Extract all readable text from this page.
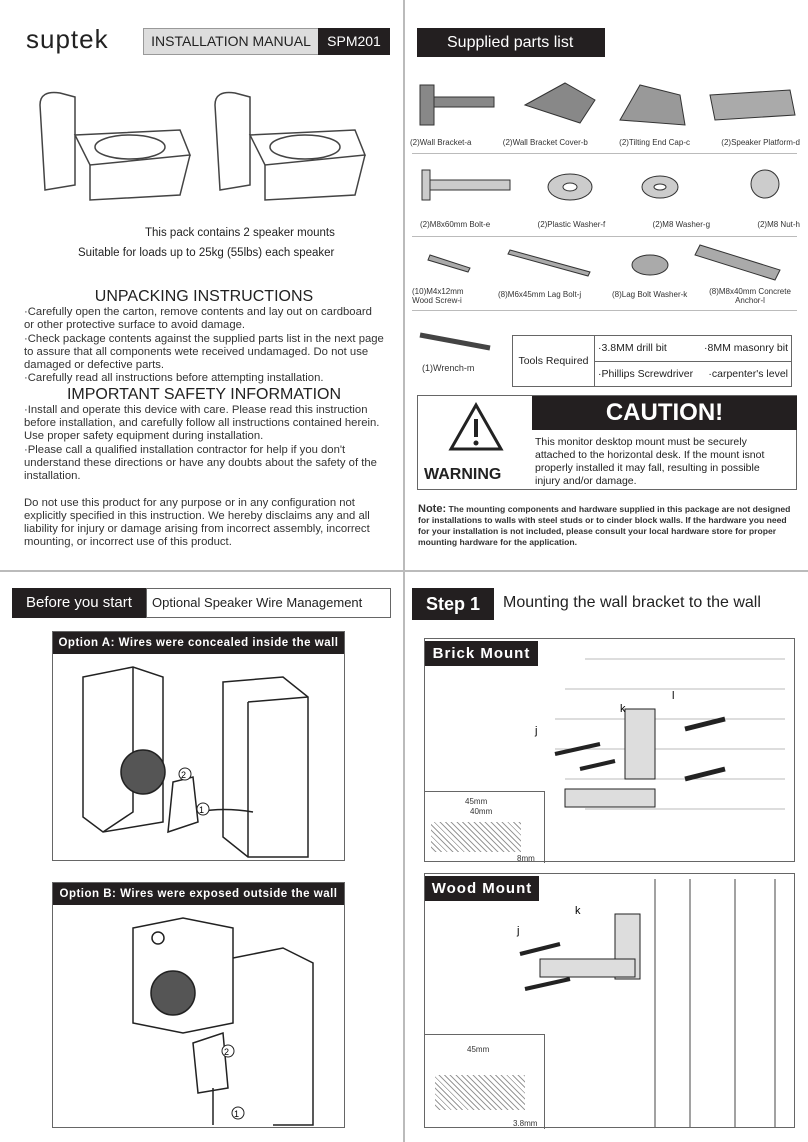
suptek	INSTALLATION MANUAL	SPM201
This pack contains 2 speaker mounts
Suitable for loads up to 25kg (55lbs) each speaker
UNPACKING INSTRUCTIONS
·Carefully open the carton, remove contents and lay out on cardboard or other protective surface to avoid damage.
·Check package contents against the supplied parts list in the next page to assure that all components wete received undamaged. Do not use damaged or defective parts.
·Carefully read all instructions before attempting installation.
IMPORTANT SAFETY INFORMATION
·Install and operate this device with care. Please read this instruction before installation, and carefully follow all instructions contained herein. Use proper safety equipment during installation.
·Please call a qualified installation contractor for help if you don't understand these directions or have any doubts about the safety of the installation.
Do not use this product for any purpose or in any configuration not explicitly specified in this instruction. We hereby disclaims any and all liability for injury or damage arising from incorrect assembly, incorrect mounting, or incorrect use of this product.
Supplied parts list
(2)Wall Bracket-a	(2)Wall Bracket Cover-b	(2)Tilting End Cap-c	(2)Speaker Platform-d
(2)M8x60mm Bolt-e	(2)Plastic Washer-f	(2)M8 Washer-g	(2)M8 Nut-h
(10)M4x12mm Wood Screw-i
(8)M6x45mm Lag Bolt-j	(8)Lag Bolt Washer-k	(8)M8x40mm Concrete Anchor-l
(1)Wrench-m
Tools Required
·3.8MM drill bit	·8MM masonry bit
·Phillips Screwdriver ·carpenter's level
WARNING
CAUTION!
This monitor desktop mount must be securely attached to the horizontal desk. If the mount isnot properly installed it may fall, resulting in possible injury and/or damage.
Note: The mounting components and hardware supplied in this package are not designed for installations to walls with steel studs or to cinder block walls. If the hardware you need for your installation is not included, please consult your local hardware store for proper mounting hardware for the application.
Before you start	Optional Speaker Wire Management
Option A: Wires were concealed inside the wall
1
2
Option B: Wires were exposed outside the wall
1
2
Step 1	Mounting the wall bracket to the wall
Brick Mount
j
k
l
45mm
40mm
8mm
Wood Mount
j
k
45mm
3.8mm
